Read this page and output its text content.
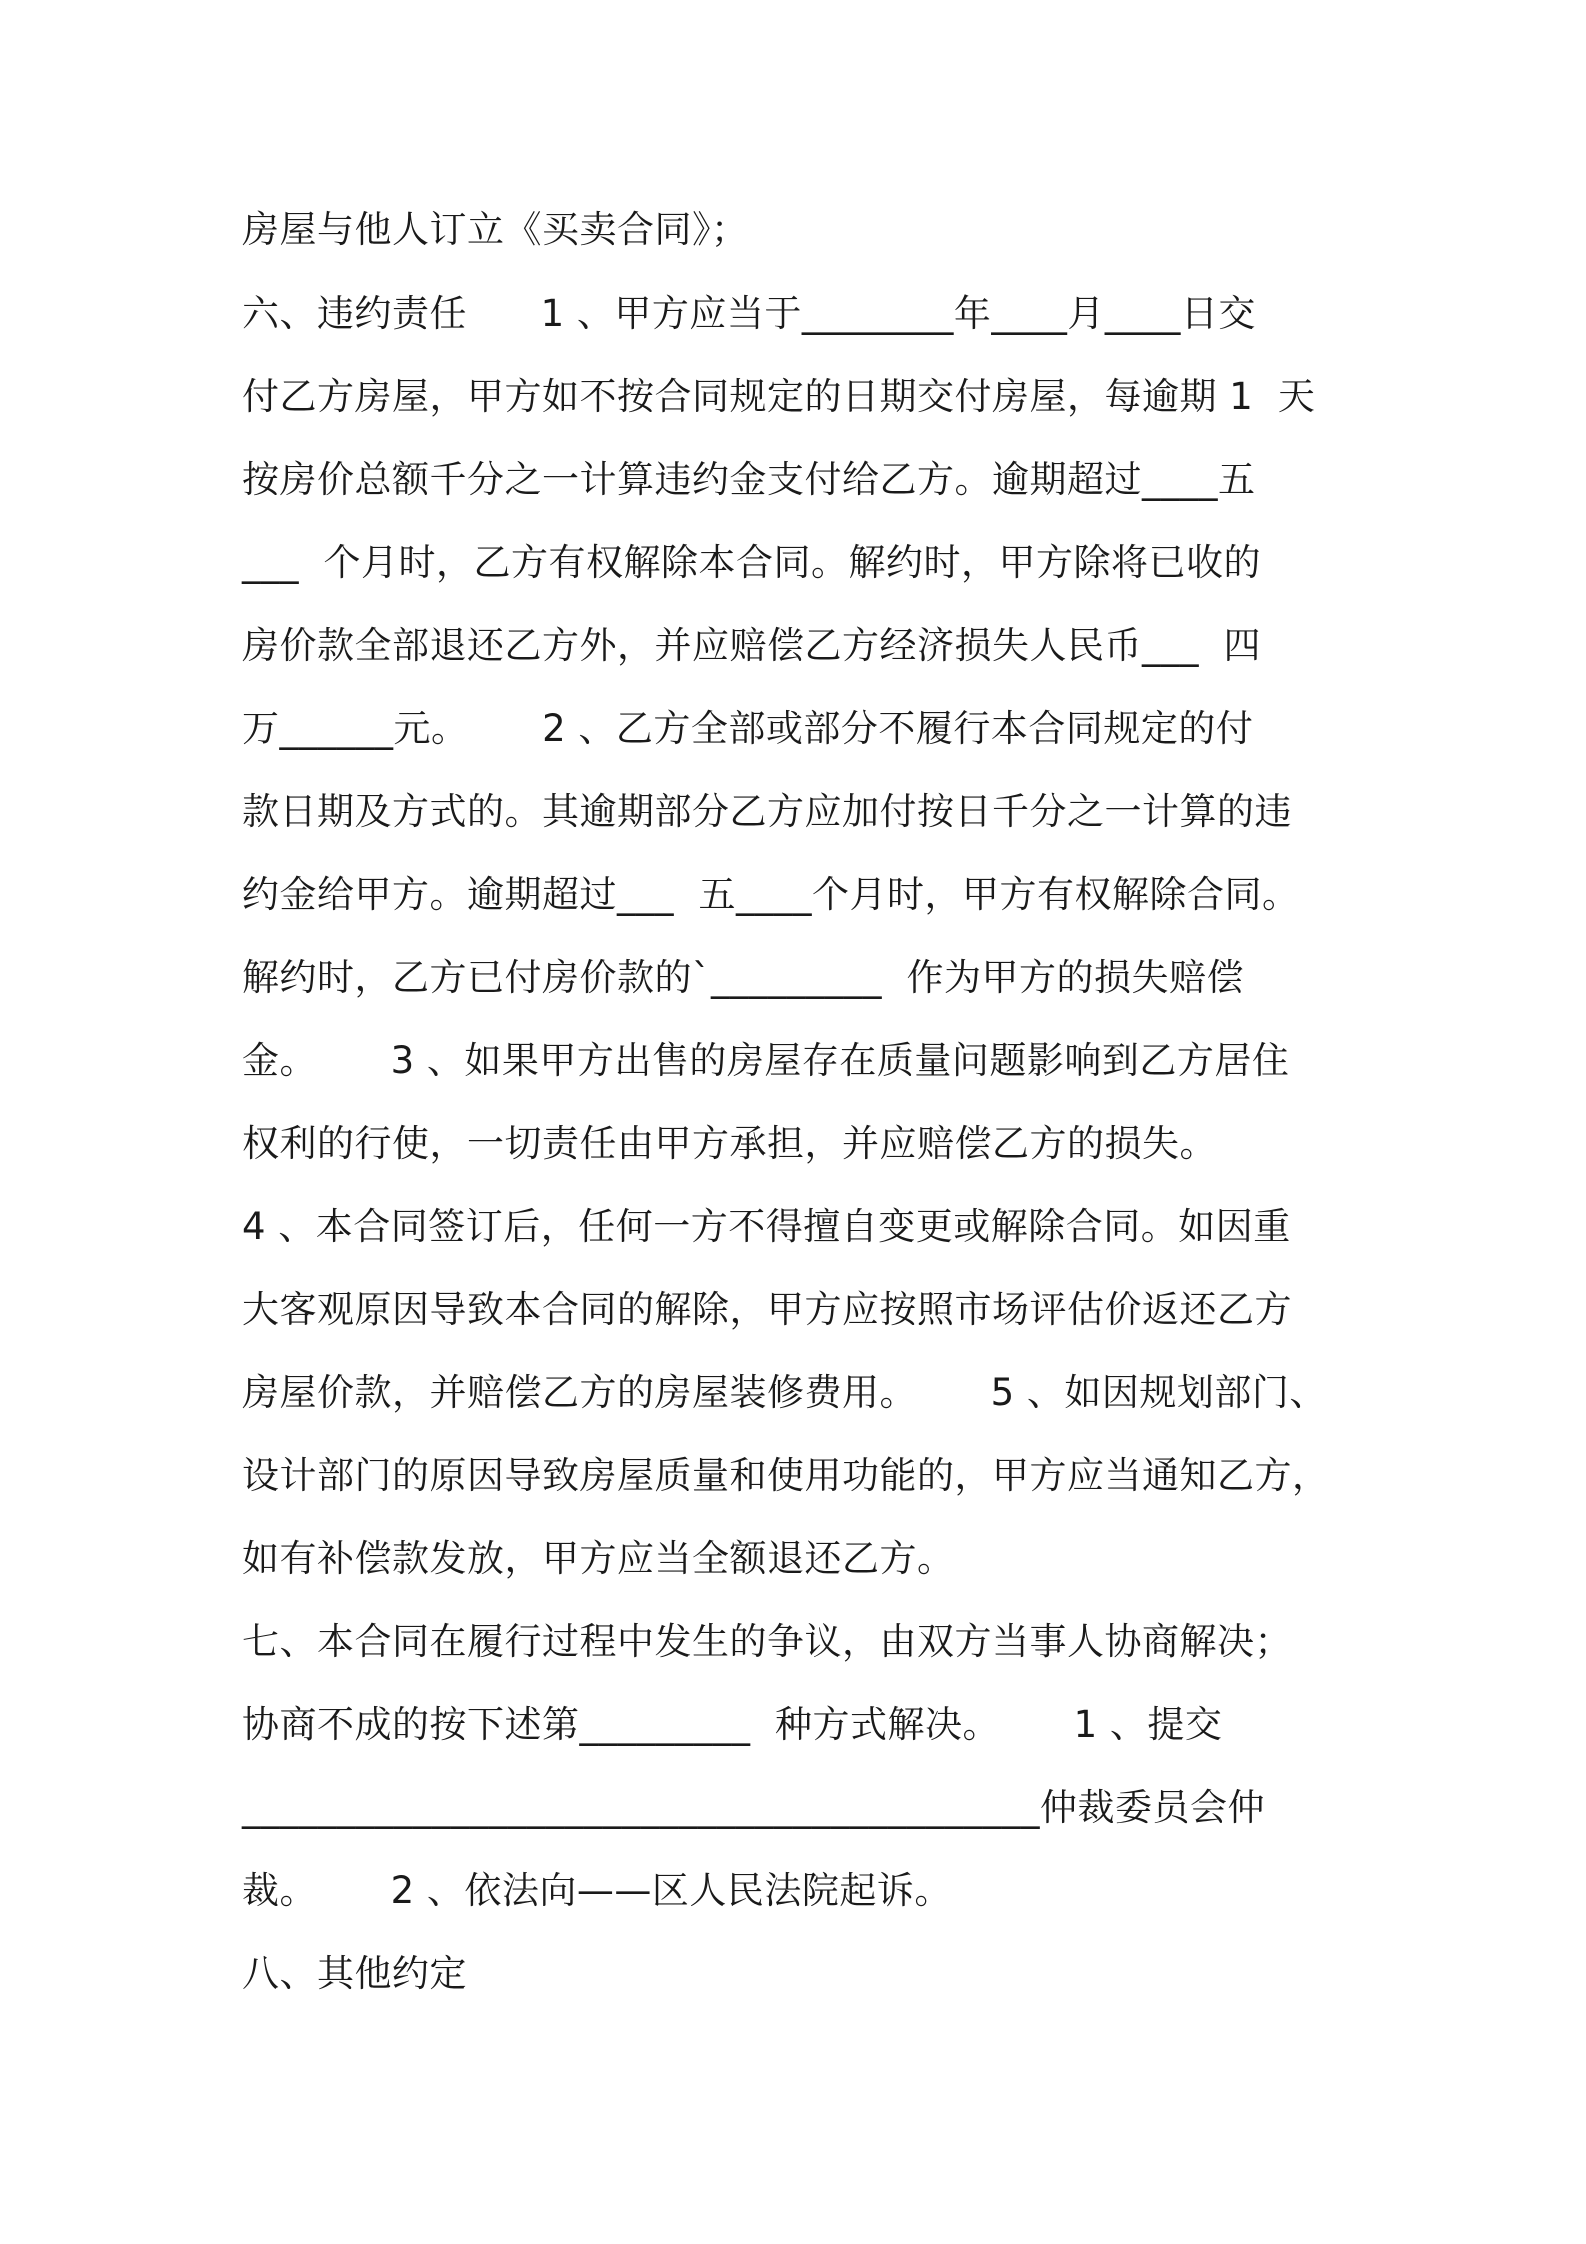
房屋与他人订立《买卖合同》；
六、违约责任      1 、甲方应当于________年____月____日交
付乙方房屋，甲方如不按合同规定的日期交付房屋，每逾期 1  天
按房价总额千分之一计算违约金支付给乙方。逾期超过____五
___  个月时，乙方有权解除本合同。解约时，甲方除将已收的
房价款全部退还乙方外，并应赔偿乙方经济损失人民币___  四
万______元。      2 、乙方全部或部分不履行本合同规定的付
款日期及方式的。其逾期部分乙方应加付按日千分之一计算的违
约金给甲方。逾期超过___  五____个月时，甲方有权解除合同。
解约时，乙方已付房价款的`_________  作为甲方的损失赔偿
金。      3 、如果甲方出售的房屋存在质量问题影响到乙方居住
权利的行使，一切责任由甲方承担，并应赔偿乙方的损失。
4 、本合同签订后，任何一方不得擅自变更或解除合同。如因重
大客观原因导致本合同的解除，甲方应按照市场评估价返还乙方
房屋价款，并赔偿乙方的房屋装修费用。      5 、如因规划部门、
设计部门的原因导致房屋质量和使用功能的，甲方应当通知乙方，
如有补偿款发放，甲方应当全额退还乙方。
七、本合同在履行过程中发生的争议，由双方当事人协商解决；
协商不成的按下述第_________  种方式解决。      1 、提交
__________________________________________仲裁委员会仲
裁。      2 、依法向——区人民法院起诉。
八、其他约定
